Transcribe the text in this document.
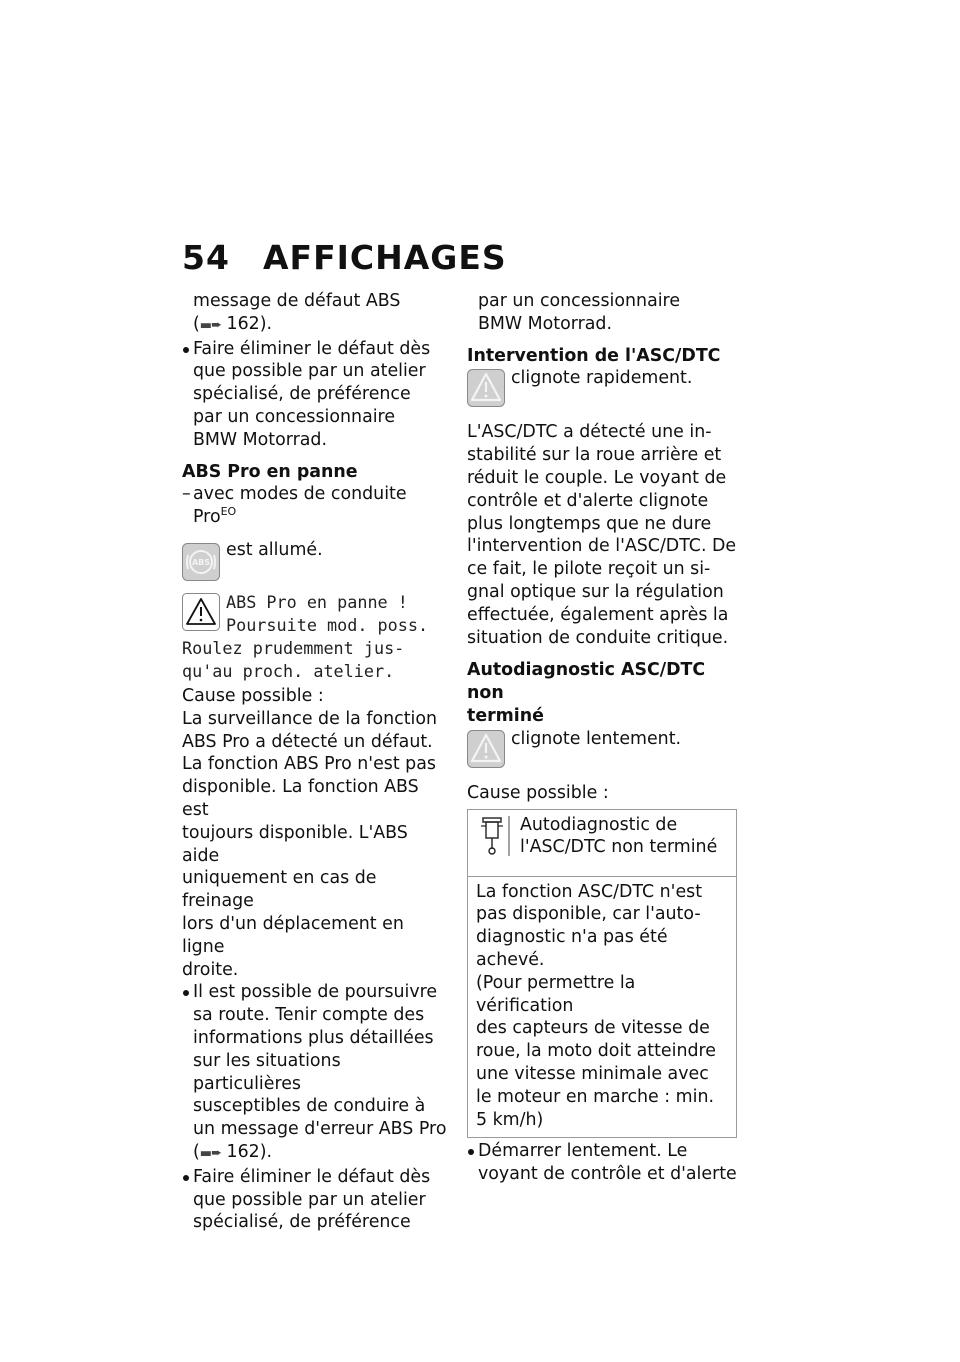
54 AFFICHAGES
message de défaut ABS
(▬➨ 162).
Faire éliminer le défaut dès
que possible par un atelier
spécialisé, de préférence
par un concessionnaire
BMW Motorrad.
ABS Pro en panne
– avec modes de conduite
Pro$^{EO}$
ABS
est allumé.
ABS Pro en panne !
Poursuite mod. poss.
Roulez prudemment jus-
qu'au proch. atelier.
Cause possible :
La surveillance de la fonction
ABS Pro a détecté un défaut.
La fonction ABS Pro n'est pas
disponible. La fonction ABS est
toujours disponible. L'ABS aide
uniquement en cas de freinage
lors d'un déplacement en ligne
droite.
Il est possible de poursuivre
sa route. Tenir compte des
informations plus détaillées
sur les situations particulières
susceptibles de conduire à
un message d'erreur ABS Pro
(▬➨ 162).
Faire éliminer le défaut dès
que possible par un atelier
spécialisé, de préférence
par un concessionnaire
BMW Motorrad.
Intervention de l'ASC/DTC
clignote rapidement.
L'ASC/DTC a détecté une in-
stabilité sur la roue arrière et
réduit le couple. Le voyant de
contrôle et d'alerte clignote
plus longtemps que ne dure
l'intervention de l'ASC/DTC. De
ce fait, le pilote reçoit un si-
gnal optique sur la régulation
effectuée, également après la
situation de conduite critique.
Autodiagnostic ASC/DTC non
terminé
clignote lentement.
Cause possible :
Autodiagnostic de
l'ASC/DTC non terminé
La fonction ASC/DTC n'est
pas disponible, car l'auto-
diagnostic n'a pas été achevé.
(Pour permettre la vérification
des capteurs de vitesse de
roue, la moto doit atteindre
une vitesse minimale avec
le moteur en marche : min.
5 km/h)
Démarrer lentement. Le
voyant de contrôle et d'alerte
